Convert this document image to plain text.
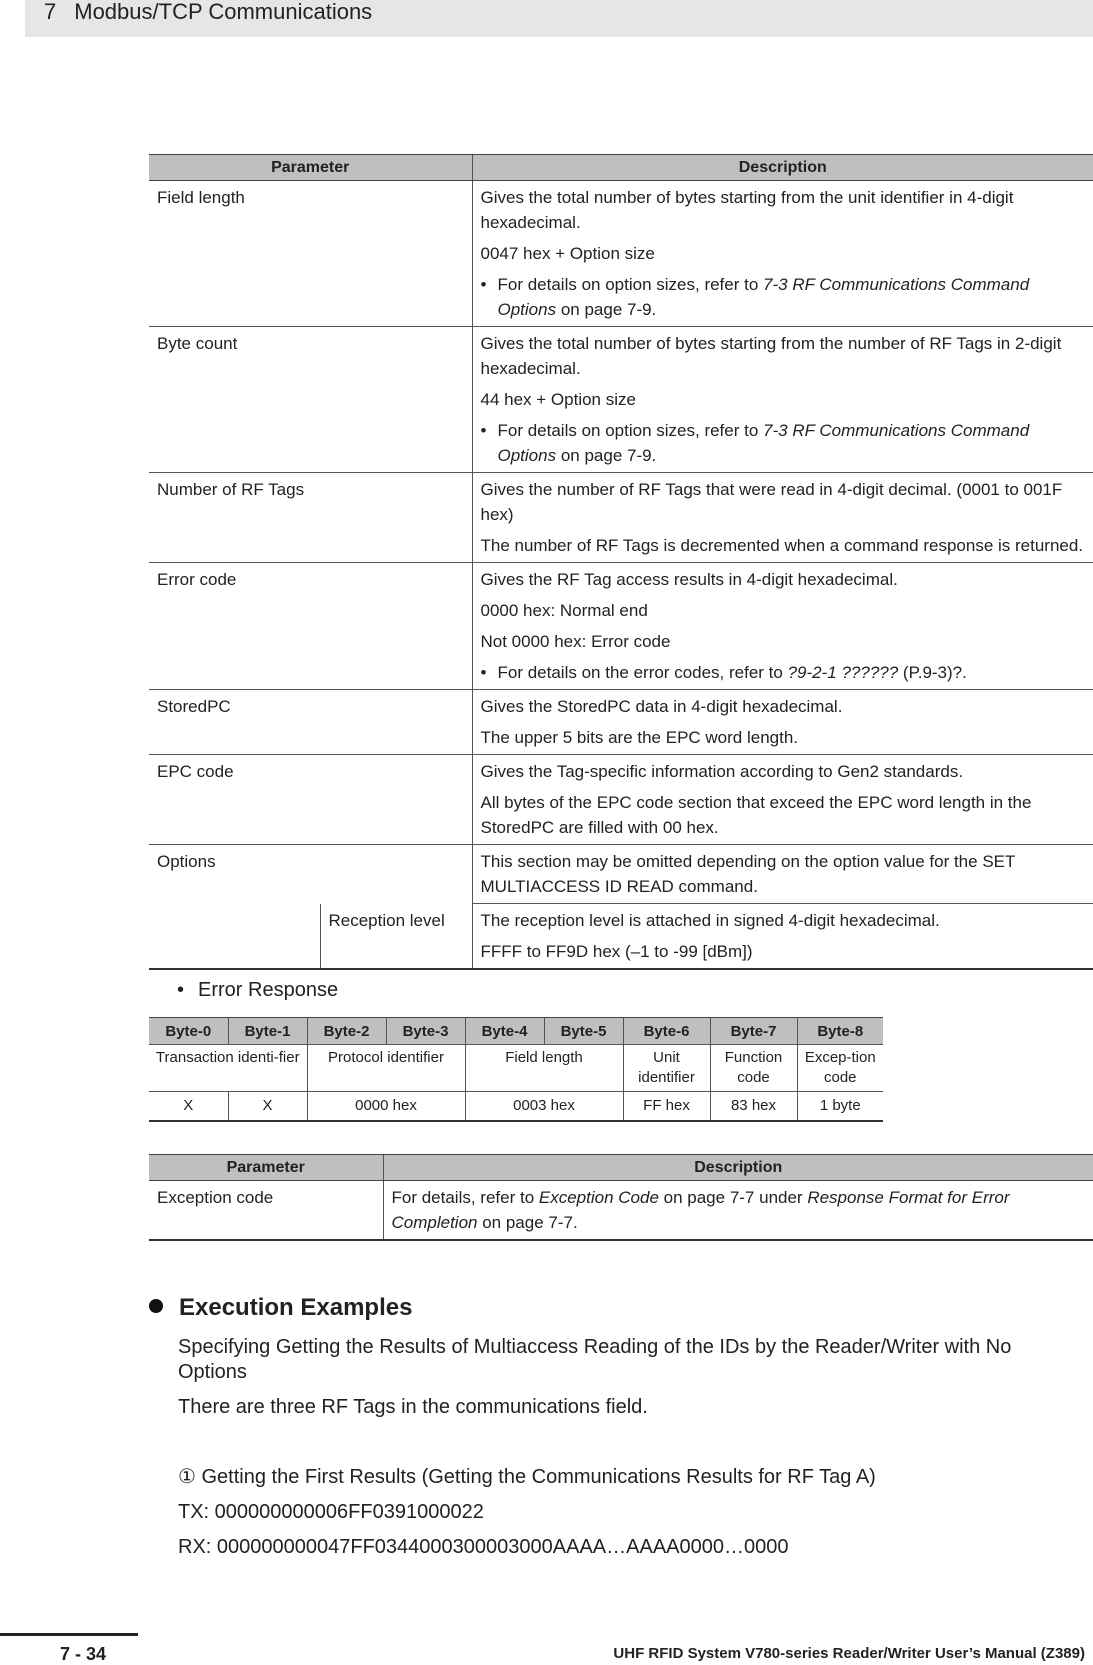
7 Modbus/TCP Communications
Parameter		Description
Field length		Gives the total number of bytes starting from the unit identifier in 4-digit hexadecimal.

0047 hex + Option size

• For details on option sizes, refer to 7-3 RF Communications Command Options on page 7-9.

Byte count		Gives the total number of bytes starting from the number of RF Tags in 2-digit hexadecimal.

44 hex + Option size

• For details on option sizes, refer to 7-3 RF Communications Command Options on page 7-9.

Number of RF Tags		Gives the number of RF Tags that were read in 4-digit decimal. (0001 to 001F hex)

The number of RF Tags is decremented when a command response is returned.

Error code		Gives the RF Tag access results in 4-digit hexadecimal.

0000 hex: Normal end

Not 0000 hex: Error code

• For details on the error codes, refer to ?9-2-1 ?????? (P.9-3)?.

StoredPC		Gives the StoredPC data in 4-digit hexadecimal.

The upper 5 bits are the EPC word length.

EPC code		Gives the Tag-specific information according to Gen2 standards.

All bytes of the EPC code section that exceed the EPC word length in the StoredPC are filled with 00 hex.

Options		This section may be omitted depending on the option value for the SET MULTIACCESS ID READ command.

	Reception level	The reception level is attached in signed 4-digit hexadecimal.

FFFF to FF9D hex (–1 to -99 [dBm])

• Error Response
Byte-0	Byte-1	Byte-2	Byte-3	Byte-4	Byte-5	Byte-6	Byte-7	Byte-8
Transaction identi-fier		Protocol identifier		Field length		Unit identifier	Function code	Excep-tion code
X	X	0000 hex		0003 hex		FF hex	83 hex	1 byte
Parameter	Description
Exception code	For details, refer to Exception Code on page 7-7 under Response Format for Error Completion on page 7-7.
Execution Examples
Specifying Getting the Results of Multiaccess Reading of the IDs by the Reader/Writer with No Options
There are three RF Tags in the communications field.
① Getting the First Results (Getting the Communications Results for RF Tag A)
TX: 000000000006FF0391000022
RX: 000000000047FF0344000300003000AAAA…AAAA0000…0000
7 - 34	UHF RFID System V780-series Reader/Writer User’s Manual (Z389)
